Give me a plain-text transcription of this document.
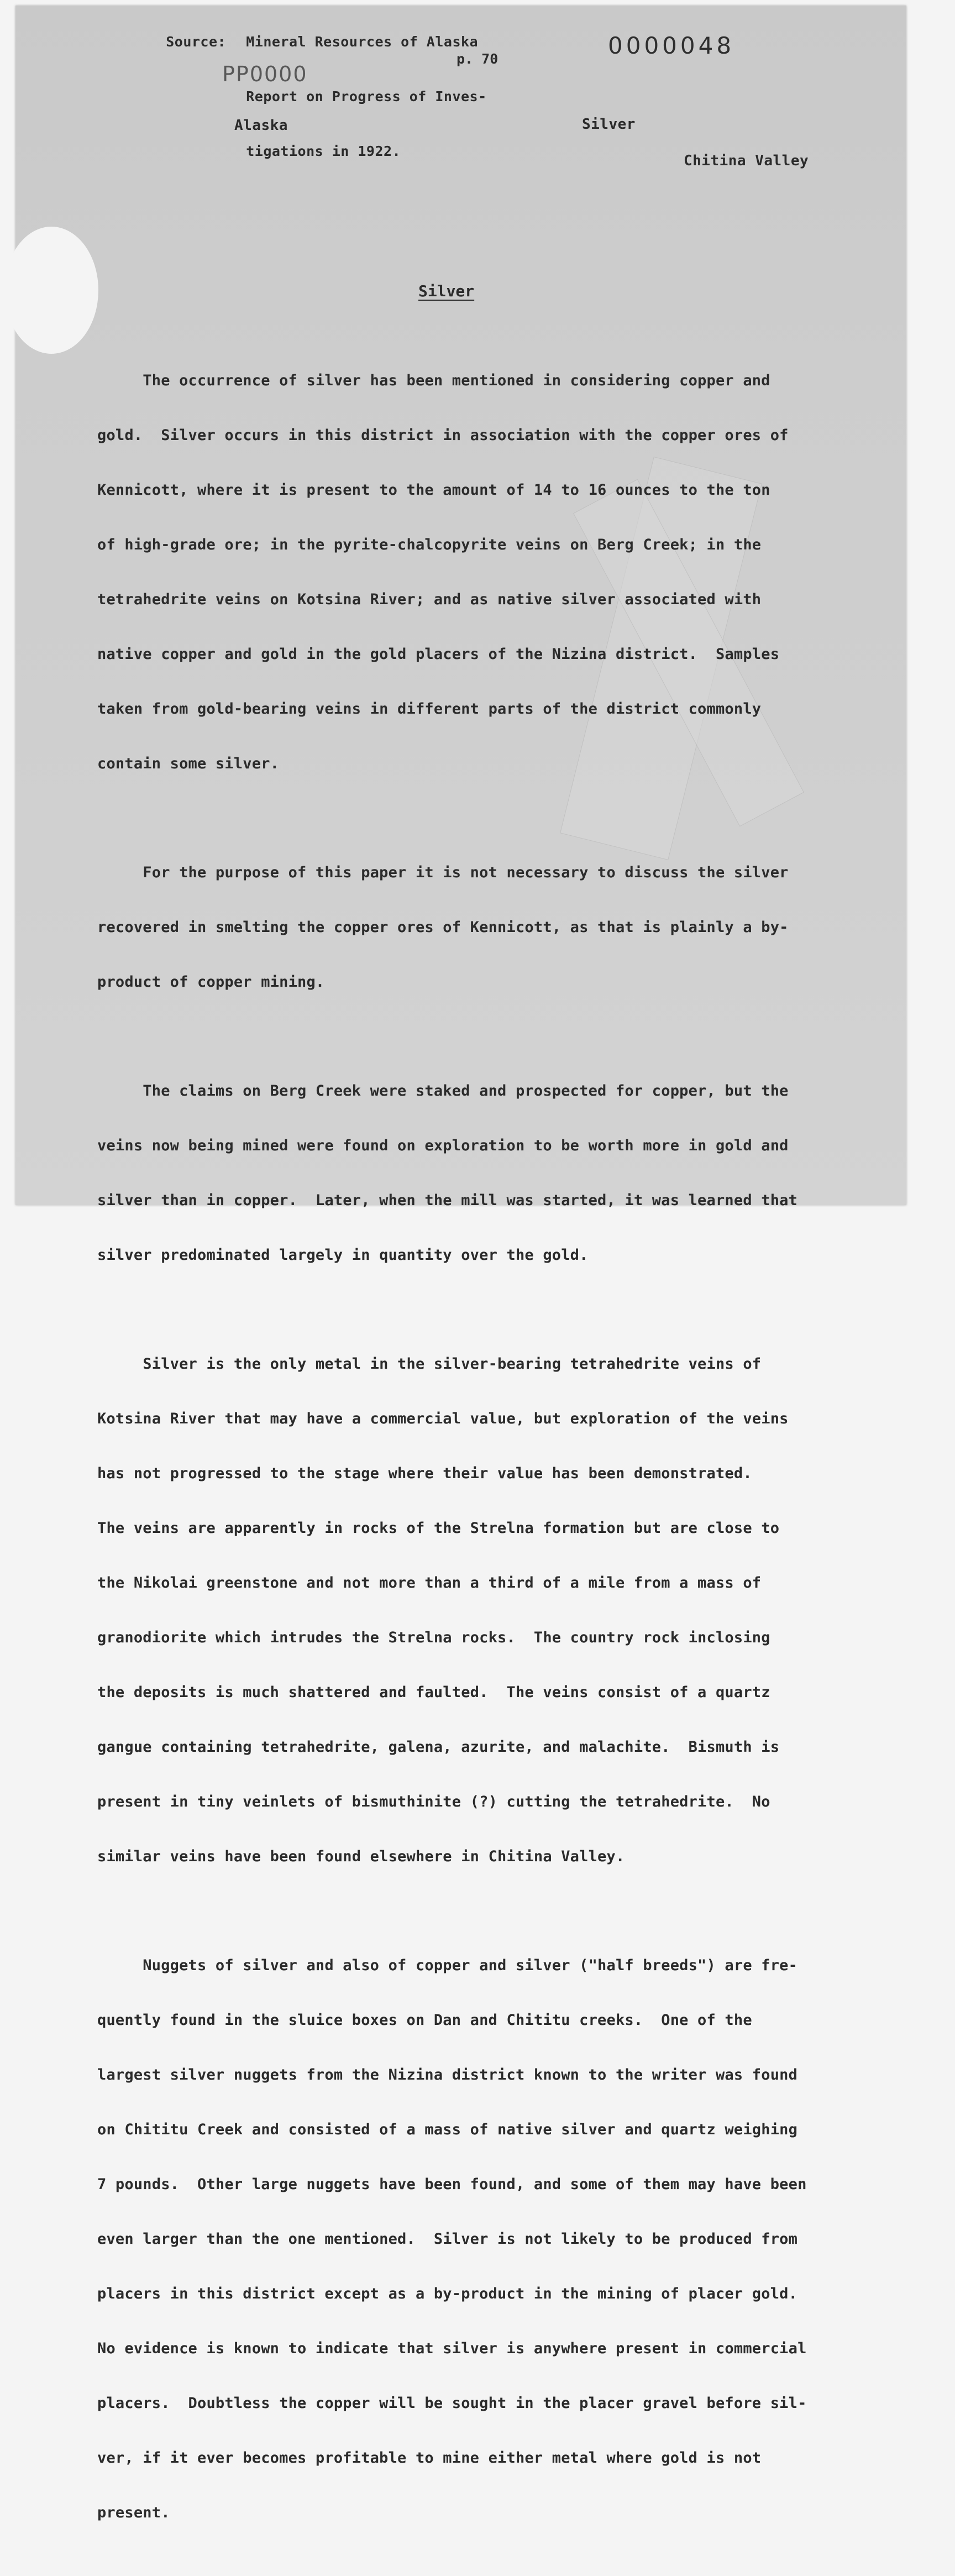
Source: Mineral Resources of Alaska

Report on Progress of Inves-

tigations in 1922.

p. 70	0000048
PP0000
Alaska	Silver
Chitina Valley
Silver

The occurrence of silver has been mentioned in considering copper and

gold.  Silver occurs in this district in association with the copper ores of

Kennicott, where it is present to the amount of 14 to 16 ounces to the ton

of high-grade ore; in the pyrite-chalcopyrite veins on Berg Creek; in the

tetrahedrite veins on Kotsina River; and as native silver associated with

native copper and gold in the gold placers of the Nizina district.  Samples

taken from gold-bearing veins in different parts of the district commonly

contain some silver.

For the purpose of this paper it is not necessary to discuss the silver

recovered in smelting the copper ores of Kennicott, as that is plainly a by-

product of copper mining.

The claims on Berg Creek were staked and prospected for copper, but the

veins now being mined were found on exploration to be worth more in gold and

silver than in copper.  Later, when the mill was started, it was learned that

silver predominated largely in quantity over the gold.

Silver is the only metal in the silver-bearing tetrahedrite veins of

Kotsina River that may have a commercial value, but exploration of the veins

has not progressed to the stage where their value has been demonstrated.

The veins are apparently in rocks of the Strelna formation but are close to

the Nikolai greenstone and not more than a third of a mile from a mass of

granodiorite which intrudes the Strelna rocks.  The country rock inclosing

the deposits is much shattered and faulted.  The veins consist of a quartz

gangue containing tetrahedrite, galena, azurite, and malachite.  Bismuth is

present in tiny veinlets of bismuthinite (?) cutting the tetrahedrite.  No

similar veins have been found elsewhere in Chitina Valley.

Nuggets of silver and also of copper and silver ("half breeds") are fre-

quently found in the sluice boxes on Dan and Chititu creeks.  One of the

largest silver nuggets from the Nizina district known to the writer was found

on Chititu Creek and consisted of a mass of native silver and quartz weighing

7 pounds.  Other large nuggets have been found, and some of them may have been

even larger than the one mentioned.  Silver is not likely to be produced from

placers in this district except as a by-product in the mining of placer gold.

No evidence is known to indicate that silver is anywhere present in commercial

placers.  Doubtless the copper will be sought in the placer gravel before sil-

ver, if it ever becomes profitable to mine either metal where gold is not

present.
